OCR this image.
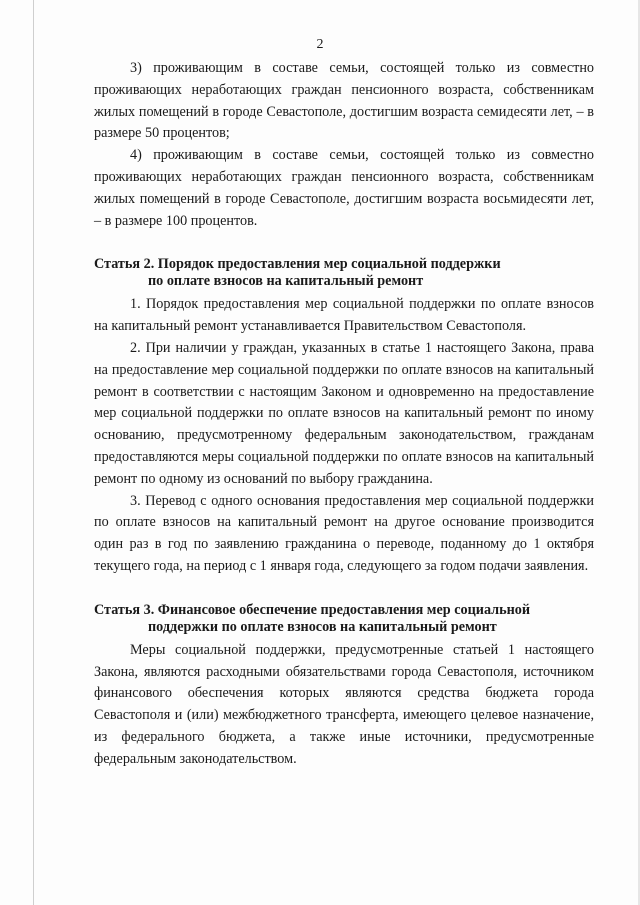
2

3) проживающим в составе семьи, состоящей только из совместно проживающих неработающих граждан пенсионного возраста, собственникам жилых помещений в городе Севастополе, достигшим возраста семидесяти лет, – в размере 50 процентов;

4) проживающим в составе семьи, состоящей только из совместно проживающих неработающих граждан пенсионного возраста, собственникам жилых помещений в городе Севастополе, достигшим возраста восьмидесяти лет, – в размере 100 процентов.

Статья 2. Порядок предоставления мер социальной поддержки
по оплате взносов на капитальный ремонт

1. Порядок предоставления мер социальной поддержки по оплате взносов на капитальный ремонт устанавливается Правительством Севастополя.

2. При наличии у граждан, указанных в статье 1 настоящего Закона, права на предоставление мер социальной поддержки по оплате взносов на капитальный ремонт в соответствии с настоящим Законом и одновременно на предоставление мер социальной поддержки по оплате взносов на капитальный ремонт по иному основанию, предусмотренному федеральным законодательством, гражданам предоставляются меры социальной поддержки по оплате взносов на капитальный ремонт по одному из оснований по выбору гражданина.

3. Перевод с одного основания предоставления мер социальной поддержки по оплате взносов на капитальный ремонт на другое основание производится один раз в год по заявлению гражданина о переводе, поданному до 1 октября текущего года, на период с 1 января года, следующего за годом подачи заявления.

Статья 3. Финансовое обеспечение предоставления мер социальной
поддержки по оплате взносов на капитальный ремонт

Меры социальной поддержки, предусмотренные статьей 1 настоящего Закона, являются расходными обязательствами города Севастополя, источником финансового обеспечения которых являются средства бюджета города Севастополя и (или) межбюджетного трансферта, имеющего целевое назначение, из федерального бюджета, а также иные источники, предусмотренные федеральным законодательством.
